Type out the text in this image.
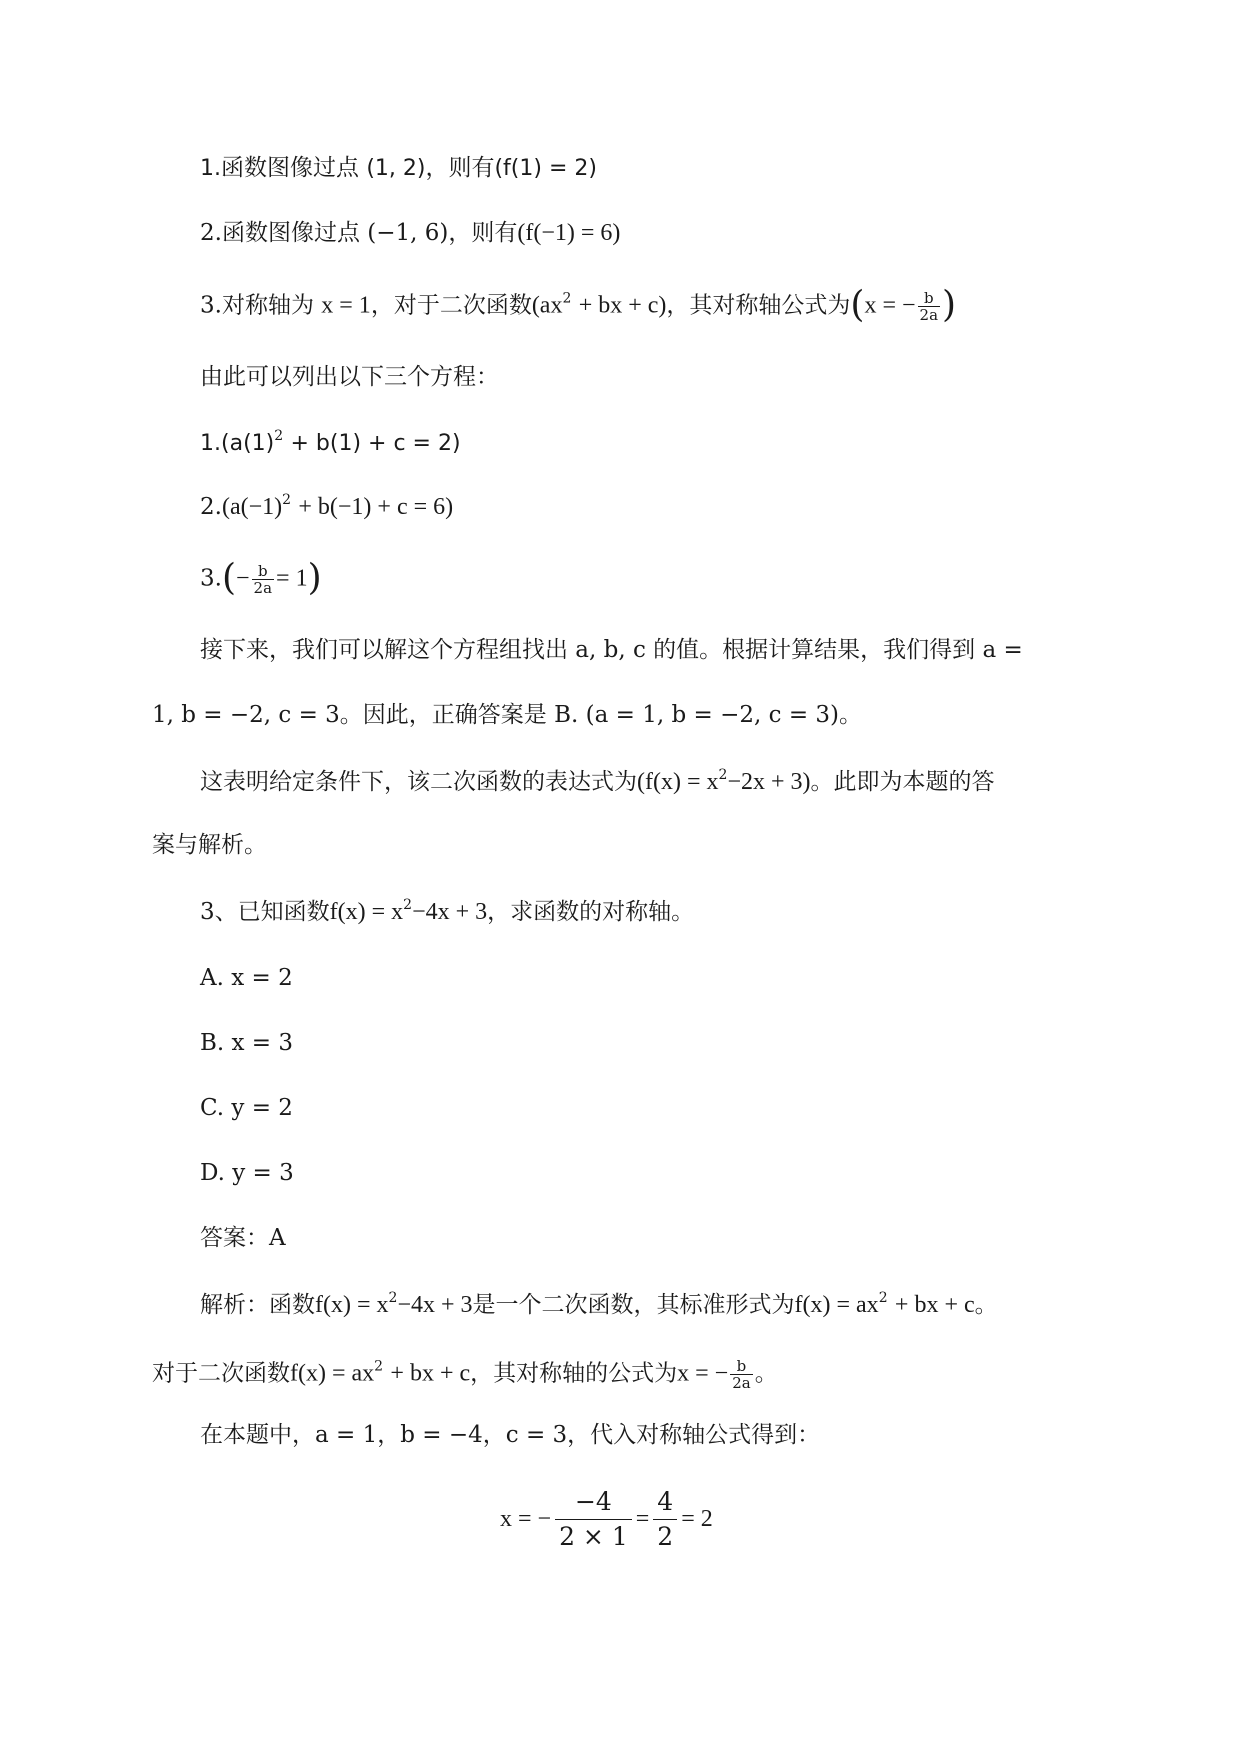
1.函数图像过点 (1, 2)，则有(f(1) = 2)
2.函数图像过点 (−1, 6)，则有(f(−1) = 6)
3.对称轴为 x = 1，对于二次函数($ax^2$ + bx + c)，其对称轴公式为(x = − $\frac{b}{2a}$ )
由此可以列出以下三个方程：
$1.(a(1)^2 + b(1) + c = 2)$
$2.(a(-1)^2 + b(-1) + c = 6)$
$3.(- \frac{b}{2a} = 1)$
接下来，我们可以解这个方程组找出 a, b, c 的值。根据计算结果，我们得到 a =
1, b = −2, c = 3。因此，正确答案是 B. (a = 1, b = −2, c = 3)。
这表明给定条件下，该二次函数的表达式为$(f(x) = x^2-2x + 3)$。此即为本题的答
案与解析。
3、已知函数$f(x) = x^2-4x + 3$，求函数的对称轴。
A. x = 2
B. x = 3
C. y = 2
D. y = 3
答案：A
解析：函数$f(x) = x^2-4x + 3$是一个二次函数，其标准形式为$f(x) = ax^2$ + bx + c。
对于二次函数$f(x) = ax^2$ + bx + c，其对称轴的公式为x = − $\frac{b}{2a}$ 。
在本题中，a = 1，b = −4，c = 3，代入对称轴公式得到：
x = − $\frac{-4}{2 \times 1} = \frac{4}{2} = 2$
